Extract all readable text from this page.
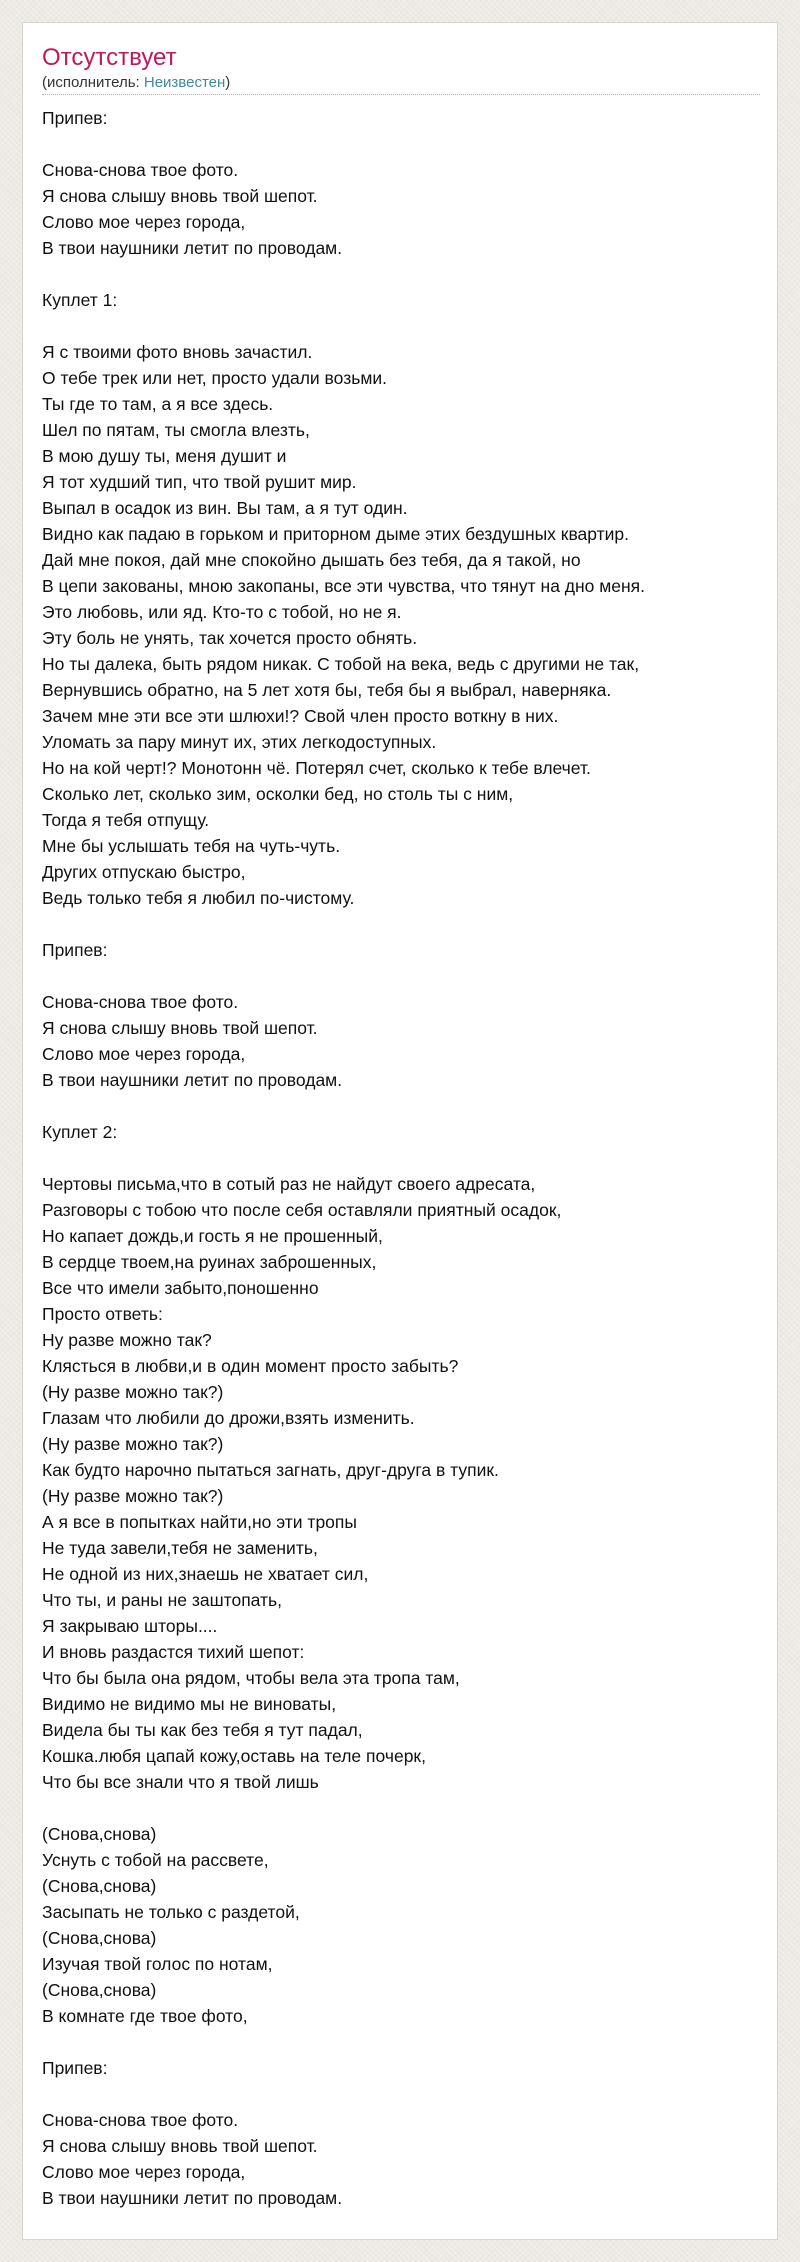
Отсутствует
(исполнитель: Неизвестен)
Припев:
Снова-снова твое фото.
Я снова слышу вновь твой шепот.
Слово мое через города,
В твои наушники летит по проводам.
Куплет 1:
Я с твоими фото вновь зачастил.
О тебе трек или нет, просто удали возьми.
Ты где то там, а я все здесь.
Шел по пятам, ты смогла влезть,
В мою душу ты, меня душит и
Я тот худший тип, что твой рушит мир.
Выпал в осадок из вин. Вы там, а я тут один.
Видно как падаю в горьком и приторном дыме этих бездушных квартир.
Дай мне покоя, дай мне спокойно дышать без тебя, да я такой, но
В цепи закованы, мною закопаны, все эти чувства, что тянут на дно меня.
Это любовь, или яд. Кто-то с тобой, но не я.
Эту боль не унять, так хочется просто обнять.
Но ты далека, быть рядом никак. С тобой на века, ведь с другими не так,
Вернувшись обратно, на 5 лет хотя бы, тебя бы я выбрал, наверняка.
Зачем мне эти все эти шлюхи!? Свой член просто воткну в них.
Уломать за пару минут их, этих легкодоступных.
Но на кой черт!? Монотонн чё. Потерял счет, сколько к тебе влечет.
Сколько лет, сколько зим, осколки бед, но столь ты с ним,
Тогда я тебя отпущу.
Мне бы услышать тебя на чуть-чуть.
Других отпускаю быстро,
Ведь только тебя я любил по-чистому.
Припев:
Снова-снова твое фото.
Я снова слышу вновь твой шепот.
Слово мое через города,
В твои наушники летит по проводам.
Куплет 2:
Чертовы письма,что в сотый раз не найдут своего адресата,
Разговоры с тобою что после себя оставляли приятный осадок,
Но капает дождь,и гость я не прошенный,
В сердце твоем,на руинах заброшенных,
Все что имели забыто,поношенно
Просто ответь:
Ну разве можно так?
Клясться в любви,и в один момент просто забыть?
(Ну разве можно так?)
Глазам что любили до дрожи,взять изменить.
(Ну разве можно так?)
Как будто нарочно пытаться загнать, друг-друга в тупик.
(Ну разве можно так?)
А я все в попытках найти,но эти тропы
Не туда завели,тебя не заменить,
Не одной из них,знаешь не хватает сил,
Что ты, и раны не заштопать,
Я закрываю шторы....
И вновь раздастся тихий шепот:
Что бы была она рядом, чтобы вела эта тропа там,
Видимо не видимо мы не виноваты,
Видела бы ты как без тебя я тут падал,
Кошка.любя цапай кожу,оставь на теле почерк,
Что бы все знали что я твой лишь
(Снова,снова)
Уснуть с тобой на рассвете,
(Снова,снова)
Засыпать не только с раздетой,
(Снова,снова)
Изучая твой голос по нотам,
(Снова,снова)
В комнате где твое фото,
Припев:
Снова-снова твое фото.
Я снова слышу вновь твой шепот.
Слово мое через города,
В твои наушники летит по проводам.
